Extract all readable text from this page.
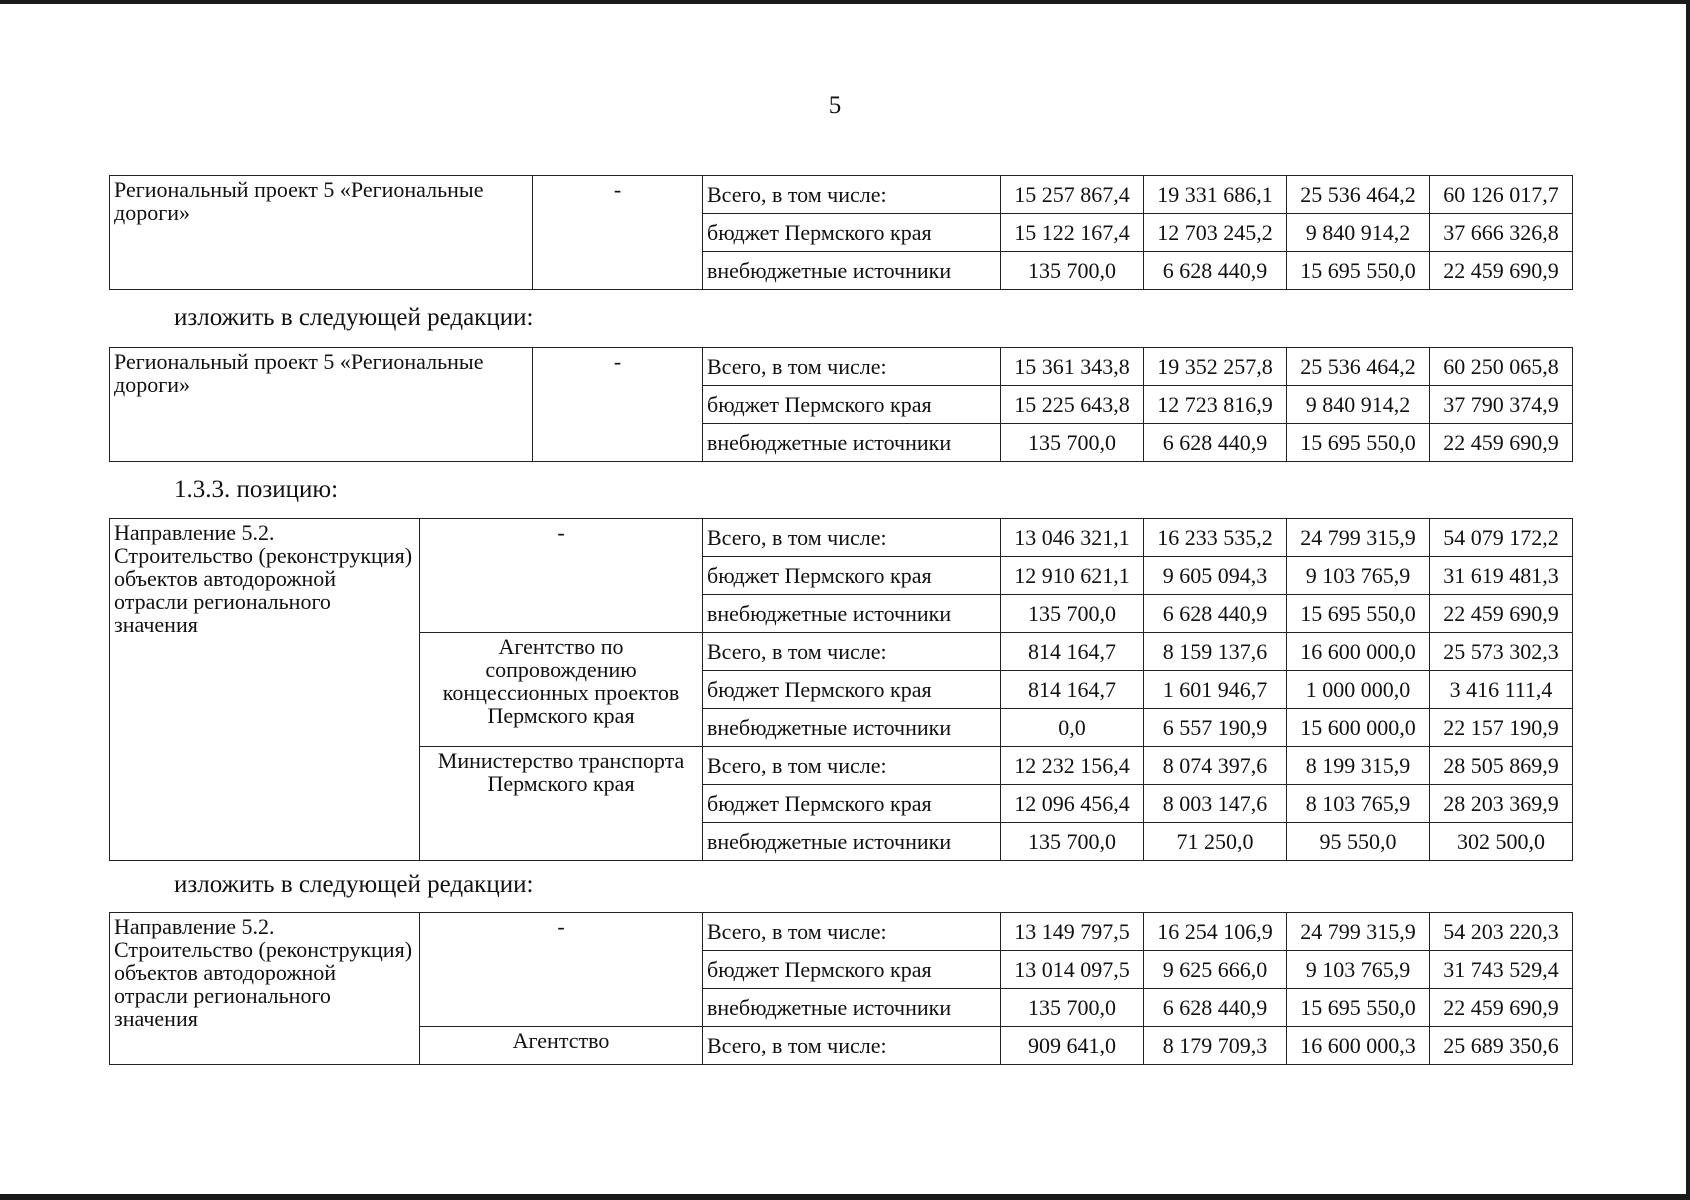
5
Региональный проект 5 «Региональные дороги»	-	Всего, в том числе:	15 257 867,4	19 331 686,1	25 536 464,2	60 126 017,7
		бюджет Пермского края	15 122 167,4	12 703 245,2	9 840 914,2	37 666 326,8
		внебюджетные источники	135 700,0	6 628 440,9	15 695 550,0	22 459 690,9
изложить в следующей редакции:
Региональный проект 5 «Региональные дороги»	-	Всего, в том числе:	15 361 343,8	19 352 257,8	25 536 464,2	60 250 065,8
		бюджет Пермского края	15 225 643,8	12 723 816,9	9 840 914,2	37 790 374,9
		внебюджетные источники	135 700,0	6 628 440,9	15 695 550,0	22 459 690,9
1.3.3. позицию:
Направление 5.2. Строительство (реконструкция) объектов автодорожной отрасли регионального значения	-	Всего, в том числе:	13 046 321,1	16 233 535,2	24 799 315,9	54 079 172,2
		бюджет Пермского края	12 910 621,1	9 605 094,3	9 103 765,9	31 619 481,3
		внебюджетные источники	135 700,0	6 628 440,9	15 695 550,0	22 459 690,9
	Агентство по сопровождению концессионных проектов Пермского края	Всего, в том числе:	814 164,7	8 159 137,6	16 600 000,0	25 573 302,3
		бюджет Пермского края	814 164,7	1 601 946,7	1 000 000,0	3 416 111,4
		внебюджетные источники	0,0	6 557 190,9	15 600 000,0	22 157 190,9
	Министерство транспорта Пермского края	Всего, в том числе:	12 232 156,4	8 074 397,6	8 199 315,9	28 505 869,9
		бюджет Пермского края	12 096 456,4	8 003 147,6	8 103 765,9	28 203 369,9
		внебюджетные источники	135 700,0	71 250,0	95 550,0	302 500,0
изложить в следующей редакции:
Направление 5.2. Строительство (реконструкция) объектов автодорожной отрасли регионального значения	-	Всего, в том числе:	13 149 797,5	16 254 106,9	24 799 315,9	54 203 220,3
		бюджет Пермского края	13 014 097,5	9 625 666,0	9 103 765,9	31 743 529,4
		внебюджетные источники	135 700,0	6 628 440,9	15 695 550,0	22 459 690,9
	Агентство	Всего, в том числе:	909 641,0	8 179 709,3	16 600 000,3	25 689 350,6
